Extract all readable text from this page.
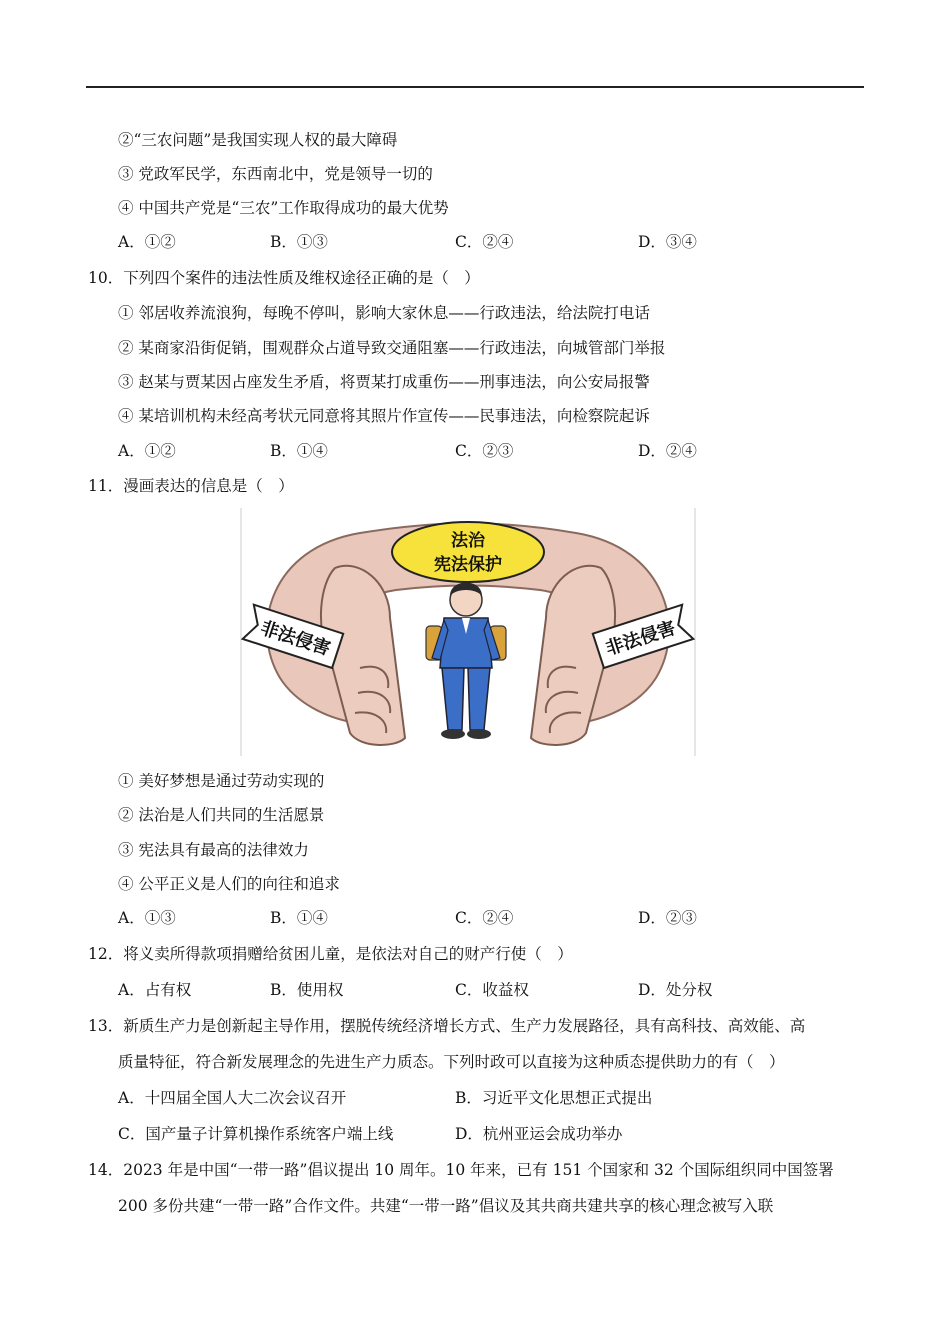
②“三农问题”是我国实现人权的最大障碍
③ 党政军民学，东西南北中，党是领导一切的
④ 中国共产党是“三农”工作取得成功的最大优势
A．①②	B．①③	C．②④	D．③④
10．下列四个案件的违法性质及维权途径正确的是（　）
① 邻居收养流浪狗，每晚不停叫，影响大家休息——行政违法，给法院打电话
② 某商家沿街促销，围观群众占道导致交通阻塞——行政违法，向城管部门举报
③ 赵某与贾某因占座发生矛盾，将贾某打成重伤——刑事违法，向公安局报警
④ 某培训机构未经高考状元同意将其照片作宣传——民事违法，向检察院起诉
A．①②	B．①④	C．②③	D．②④
11．漫画表达的信息是（　）
法治
宪法保护
非法侵害	非法侵害
① 美好梦想是通过劳动实现的
② 法治是人们共同的生活愿景
③ 宪法具有最高的法律效力
④ 公平正义是人们的向往和追求
A．①③	B．①④	C．②④	D．②③
12．将义卖所得款项捐赠给贫困儿童，是依法对自己的财产行使（　）
A．占有权	B．使用权	C．收益权	D．处分权
13．新质生产力是创新起主导作用，摆脱传统经济增长方式、生产力发展路径，具有高科技、高效能、高
质量特征，符合新发展理念的先进生产力质态。下列时政可以直接为这种质态提供助力的有（　）
A．十四届全国人大二次会议召开	B．习近平文化思想正式提出
C．国产量子计算机操作系统客户端上线	D．杭州亚运会成功举办
14．2023 年是中国“一带一路”倡议提出 10 周年。10 年来，已有 151 个国家和 32 个国际组织同中国签署
200 多份共建“一带一路”合作文件。共建“一带一路”倡议及其共商共建共享的核心理念被写入联
